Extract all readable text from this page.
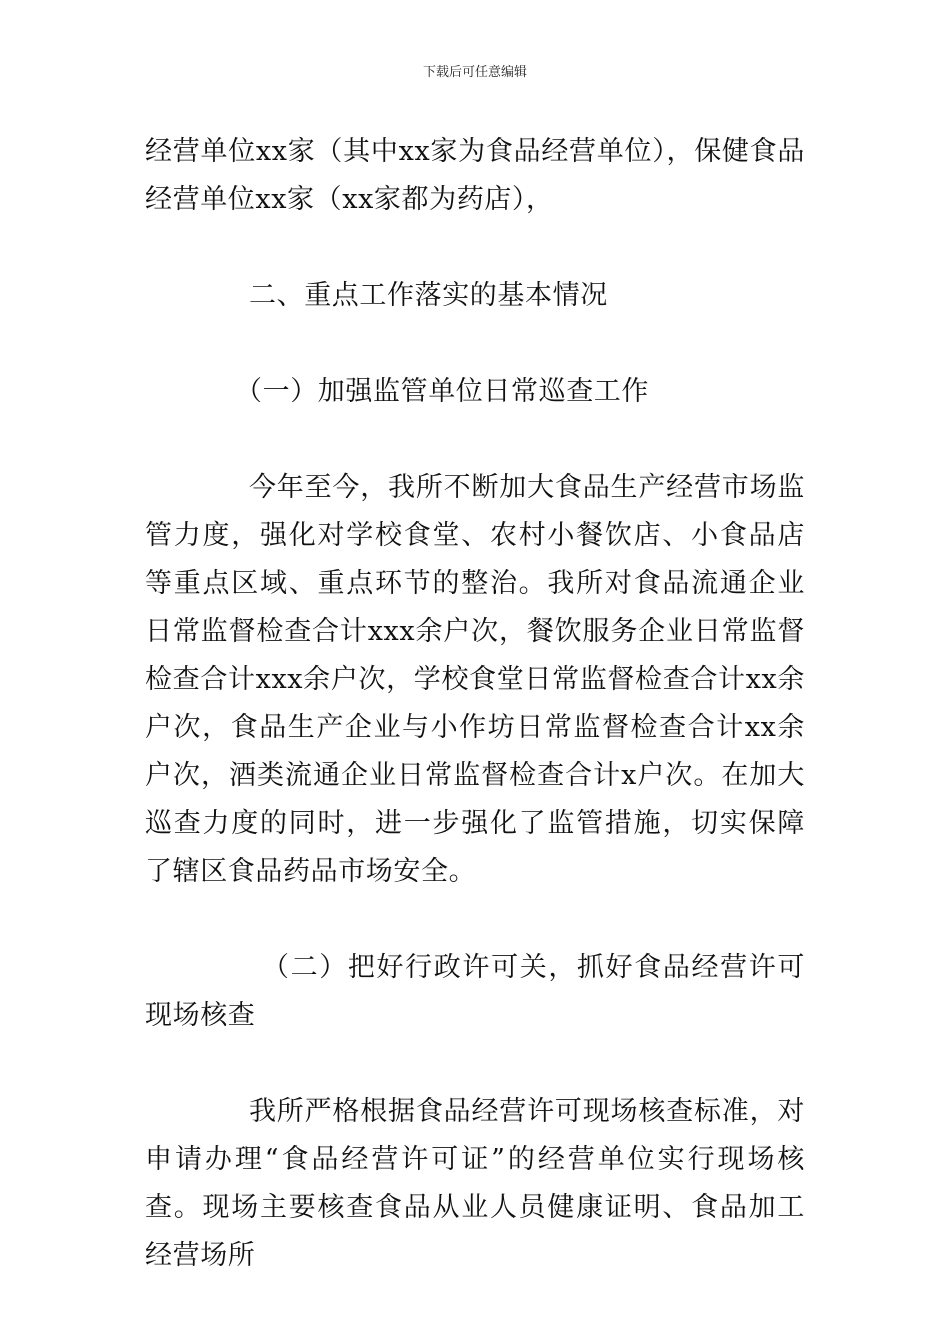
下载后可任意编辑

经营单位xx家（其中xx家为食品经营单位），保健食品经营单位xx家（xx家都为药店），

二、重点工作落实的基本情况

（一）加强监管单位日常巡查工作

今年至今，我所不断加大食品生产经营市场监管力度，强化对学校食堂、农村小餐饮店、小食品店等重点区域、重点环节的整治。我所对食品流通企业日常监督检查合计xxx余户次，餐饮服务企业日常监督检查合计xxx余户次，学校食堂日常监督检查合计xx余户次，食品生产企业与小作坊日常监督检查合计xx余户次，酒类流通企业日常监督检查合计x户次。在加大巡查力度的同时，进一步强化了监管措施，切实保障了辖区食品药品市场安全。

（二）把好行政许可关，抓好食品经营许可现场核查

我所严格根据食品经营许可现场核查标准，对申请办理“食品经营许可证”的经营单位实行现场核查。现场主要核查食品从业人员健康证明、食品加工经营场所
